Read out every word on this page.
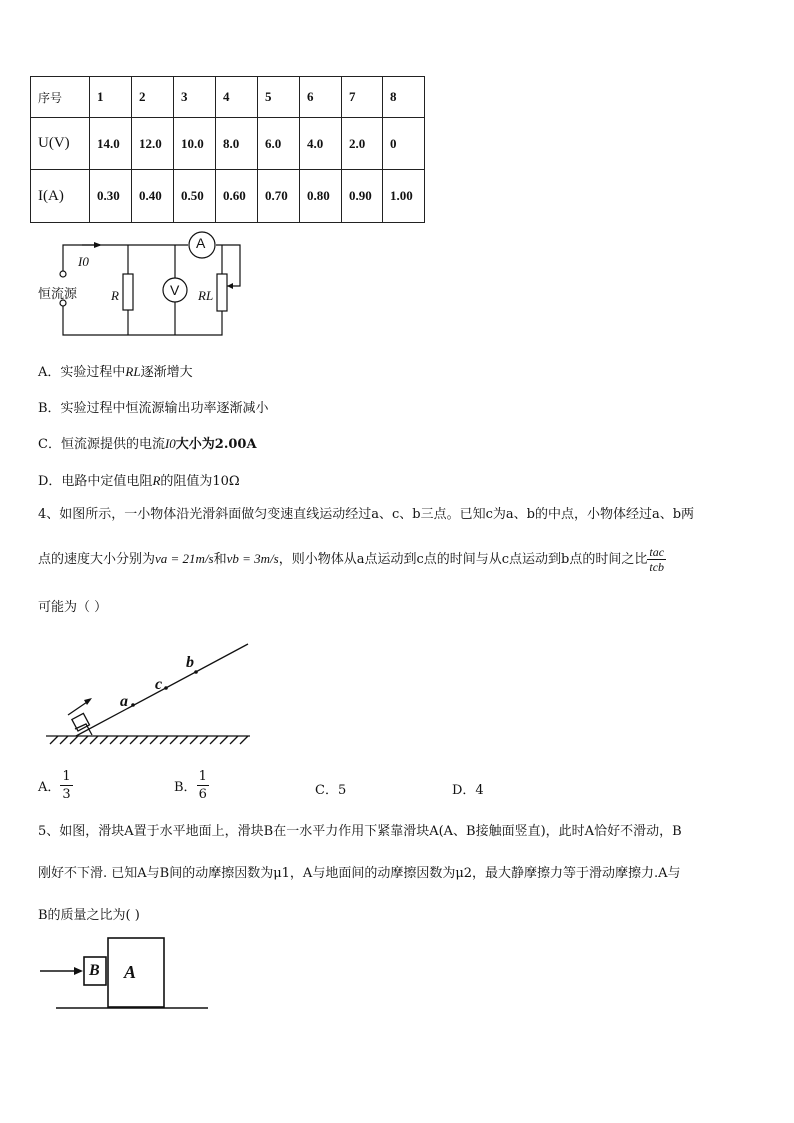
序号	1	2	3	4	5	6	7	8
U(V)	14.0	12.0	10.0	8.0	6.0	4.0	2.0	0
I(A)	0.30	0.40	0.50	0.60	0.70	0.80	0.90	1.00
I0
恒流源	R	RL
A
V
A．实验过程中RL逐渐增大
B．实验过程中恒流源输出功率逐渐减小
C．恒流源提供的电流I0大小为2.00A
D．电路中定值电阻R的阻值为10Ω
4、如图所示，一小物体沿光滑斜面做匀变速直线运动经过a、c、b三点。已知c为a、b的中点，小物体经过a、b两
点的速度大小分别为va = 21m/s和vb = 3m/s，则小物体从a点运动到c点的时间与从c点运动到b点的时间之比 $\frac{\text{tac}}{\text{tcb}}$
可能为（ ）
a
c
b
A． $\frac{1}{3}$	B． $\frac{1}{6}$	C．5	D．4
5、如图，滑块A置于水平地面上，滑块B在一水平力作用下紧靠滑块A(A、B接触面竖直)，此时A恰好不滑动，B
刚好不下滑. 已知A与B间的动摩擦因数为μ1，A与地面间的动摩擦因数为μ2，最大静摩擦力等于滑动摩擦力.A与
B的质量之比为( )
A
B
